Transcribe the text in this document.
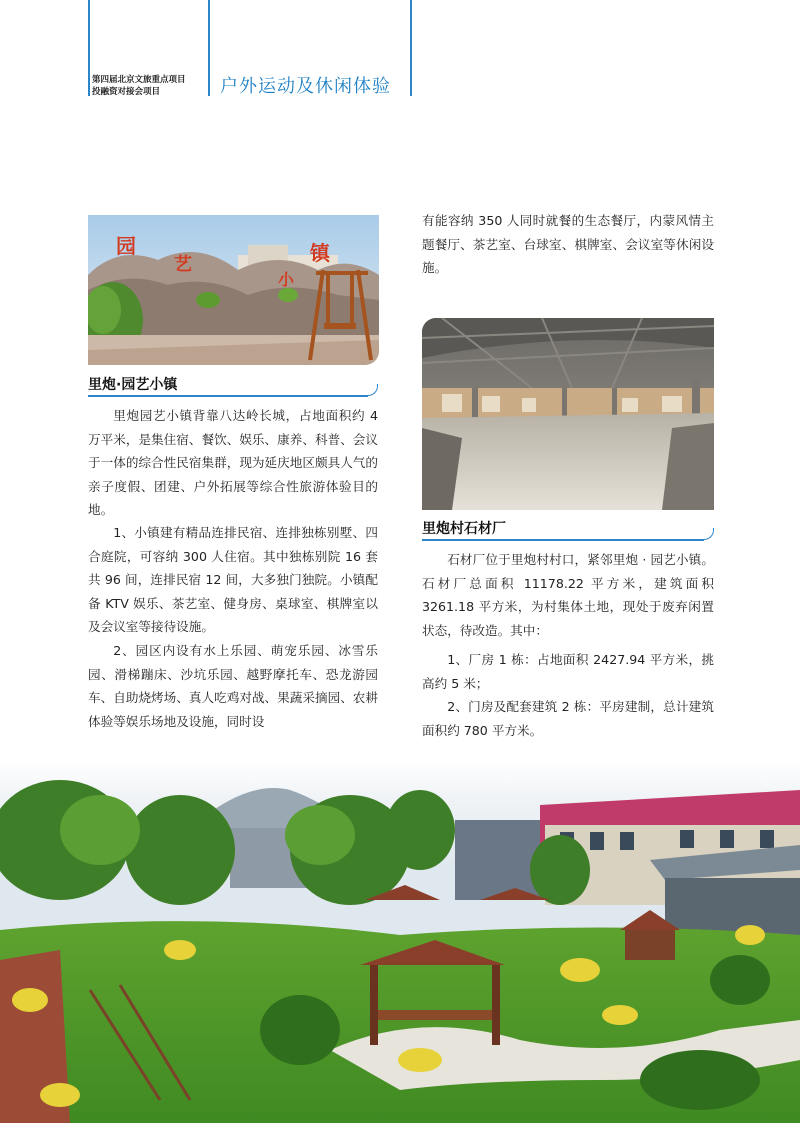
第四届北京文旅重点项目
投融资对接会项目	户外运动及休闲体验
园
艺
小
镇
里炮·园艺小镇
里炮园艺小镇背靠八达岭长城，占地面积约 4 万平米，是集住宿、餐饮、娱乐、康养、科普、会议于一体的综合性民宿集群，现为延庆地区颇具人气的亲子度假、团建、户外拓展等综合性旅游体验目的地。
1、小镇建有精品连排民宿、连排独栋别墅、四合庭院，可容纳 300 人住宿。其中独栋别院 16 套共 96 间，连排民宿 12 间，大多独门独院。小镇配备 KTV 娱乐、茶艺室、健身房、桌球室、棋牌室以及会议室等接待设施。
2、园区内设有水上乐园、萌宠乐园、冰雪乐园、滑梯蹦床、沙坑乐园、越野摩托车、恐龙游园车、自助烧烤场、真人吃鸡对战、果蔬采摘园、农耕体验等娱乐场地及设施，同时设
有能容纳 350 人同时就餐的生态餐厅，内蒙风情主题餐厅、茶艺室、台球室、棋牌室、会议室等休闲设施。
里炮村石材厂
石材厂位于里炮村村口，紧邻里炮 · 园艺小镇。石材厂总面积 11178.22 平方米，建筑面积 3261.18 平方米，为村集体土地，现处于废弃闲置状态，待改造。其中：
1、厂房 1 栋：占地面积 2427.94 平方米，挑高约 5 米；
2、门房及配套建筑 2 栋：平房建制，总计建筑面积约 780 平方米。
